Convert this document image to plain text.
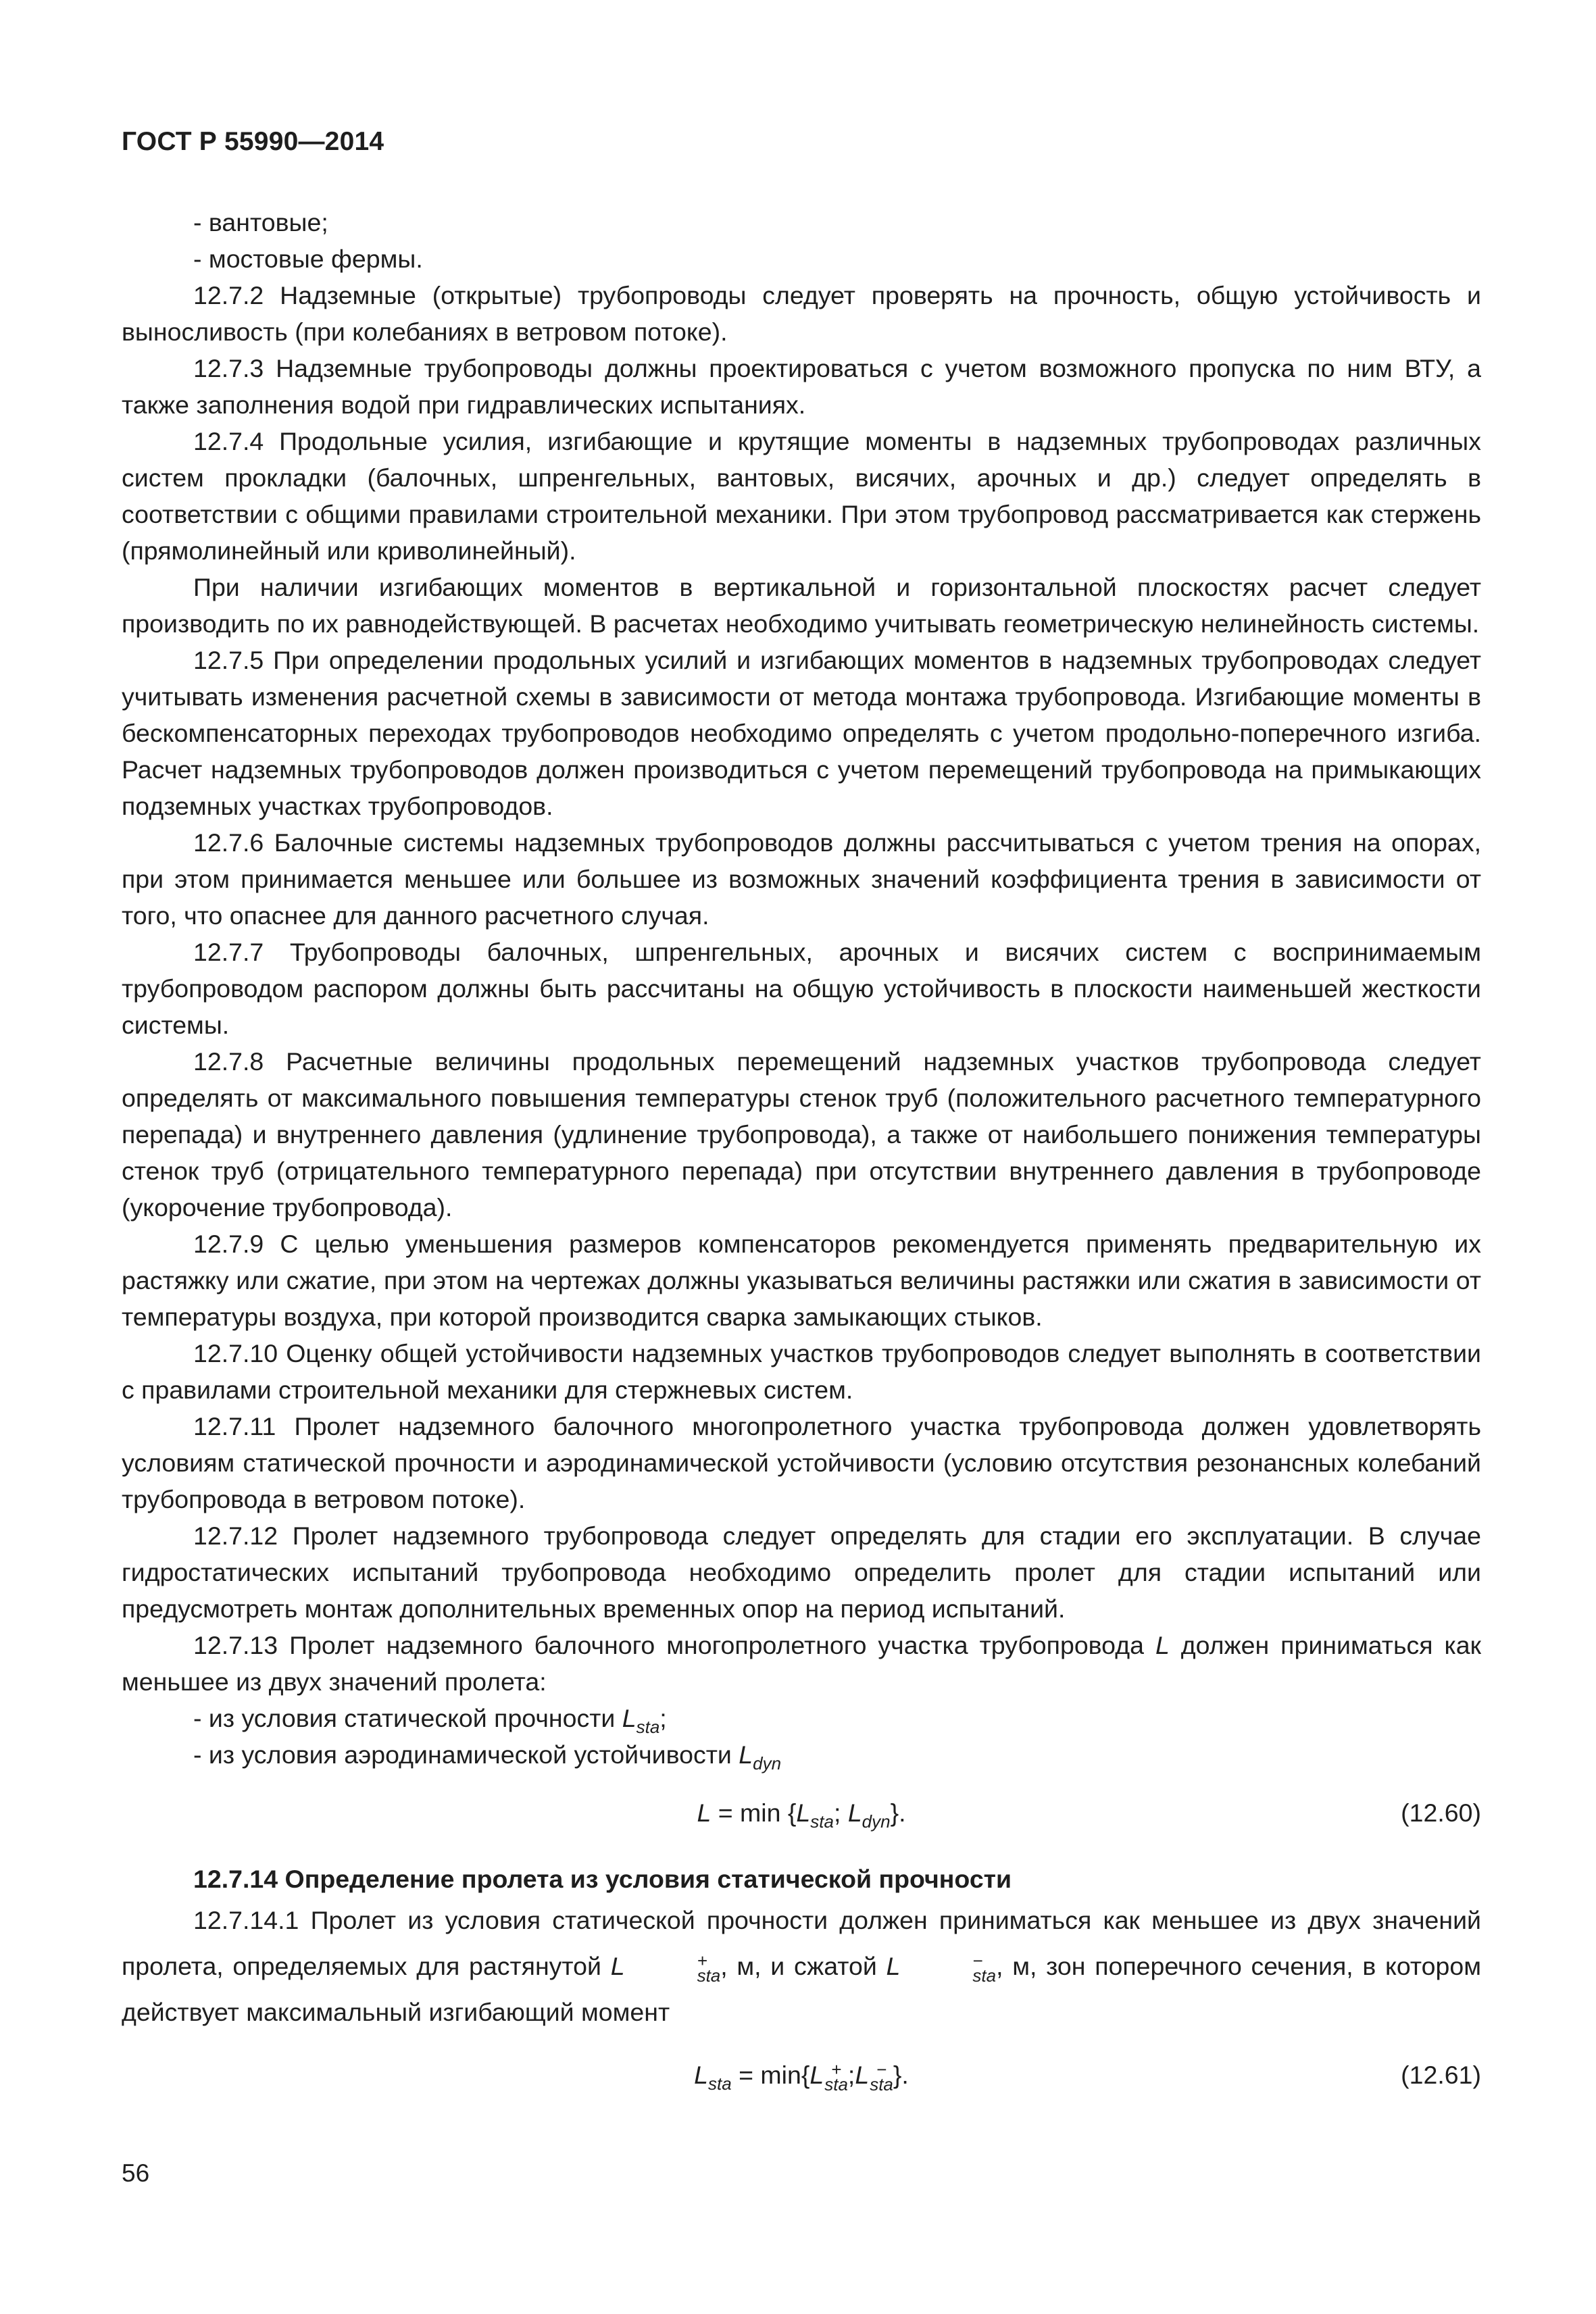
ГОСТ Р 55990—2014

- вантовые;

- мостовые фермы.

12.7.2 Надземные (открытые) трубопроводы следует проверять на прочность, общую устойчивость и выносливость (при колебаниях в ветровом потоке).

12.7.3 Надземные трубопроводы должны проектироваться с учетом возможного пропуска по ним ВТУ, а также заполнения водой при гидравлических испытаниях.

12.7.4 Продольные усилия, изгибающие и крутящие моменты в надземных трубопроводах различных систем прокладки (балочных, шпренгельных, вантовых, висячих, арочных и др.) следует определять в соответствии с общими правилами строительной механики. При этом трубопровод рассматривается как стержень (прямолинейный или криволинейный).

При наличии изгибающих моментов в вертикальной и горизонтальной плоскостях расчет следует производить по их равнодействующей. В расчетах необходимо учитывать геометрическую нелинейность системы.

12.7.5 При определении продольных усилий и изгибающих моментов в надземных трубопроводах следует учитывать изменения расчетной схемы в зависимости от метода монтажа трубопровода. Изгибающие моменты в бескомпенсаторных переходах трубопроводов необходимо определять с учетом продольно-поперечного изгиба. Расчет надземных трубопроводов должен производиться с учетом перемещений трубопровода на примыкающих подземных участках трубопроводов.

12.7.6 Балочные системы надземных трубопроводов должны рассчитываться с учетом трения на опорах, при этом принимается меньшее или большее из возможных значений коэффициента трения в зависимости от того, что опаснее для данного расчетного случая.

12.7.7 Трубопроводы балочных, шпренгельных, арочных и висячих систем с воспринимаемым трубопроводом распором должны быть рассчитаны на общую устойчивость в плоскости наименьшей жесткости системы.

12.7.8 Расчетные величины продольных перемещений надземных участков трубопровода следует определять от максимального повышения температуры стенок труб (положительного расчетного температурного перепада) и внутреннего давления (удлинение трубопровода), а также от наибольшего понижения температуры стенок труб (отрицательного температурного перепада) при отсутствии внутреннего давления в трубопроводе (укорочение трубопровода).

12.7.9 С целью уменьшения размеров компенсаторов рекомендуется применять предварительную их растяжку или сжатие, при этом на чертежах должны указываться величины растяжки или сжатия в зависимости от температуры воздуха, при которой производится сварка замыкающих стыков.

12.7.10 Оценку общей устойчивости надземных участков трубопроводов следует выполнять в соответствии с правилами строительной механики для стержневых систем.

12.7.11 Пролет надземного балочного многопролетного участка трубопровода должен удовлетворять условиям статической прочности и аэродинамической устойчивости (условию отсутствия резонансных колебаний трубопровода в ветровом потоке).

12.7.12 Пролет надземного трубопровода следует определять для стадии его эксплуатации. В случае гидростатических испытаний трубопровода необходимо определить пролет для стадии испытаний или предусмотреть монтаж дополнительных временных опор на период испытаний.

12.7.13 Пролет надземного балочного многопролетного участка трубопровода L должен приниматься как меньшее из двух значений пролета:

- из условия статической прочности $L_{sta}$;

- из условия аэродинамической устойчивости $L_{dyn}$

$L = \min \{L_{sta}$; $L_{dyn}$}.	(12.60)

12.7.14 Определение пролета из условия статической прочности

12.7.14.1 Пролет из условия статической прочности должен приниматься как меньшее из двух значений пролета, определяемых для растянутой L	+
sta , м, и сжатой L	−
sta , м, зон поперечного сечения, в котором действует максимальный изгибающий момент

$L_{sta} = \min\{L$ +
sta ;L −
sta }.	(12.61)
56
